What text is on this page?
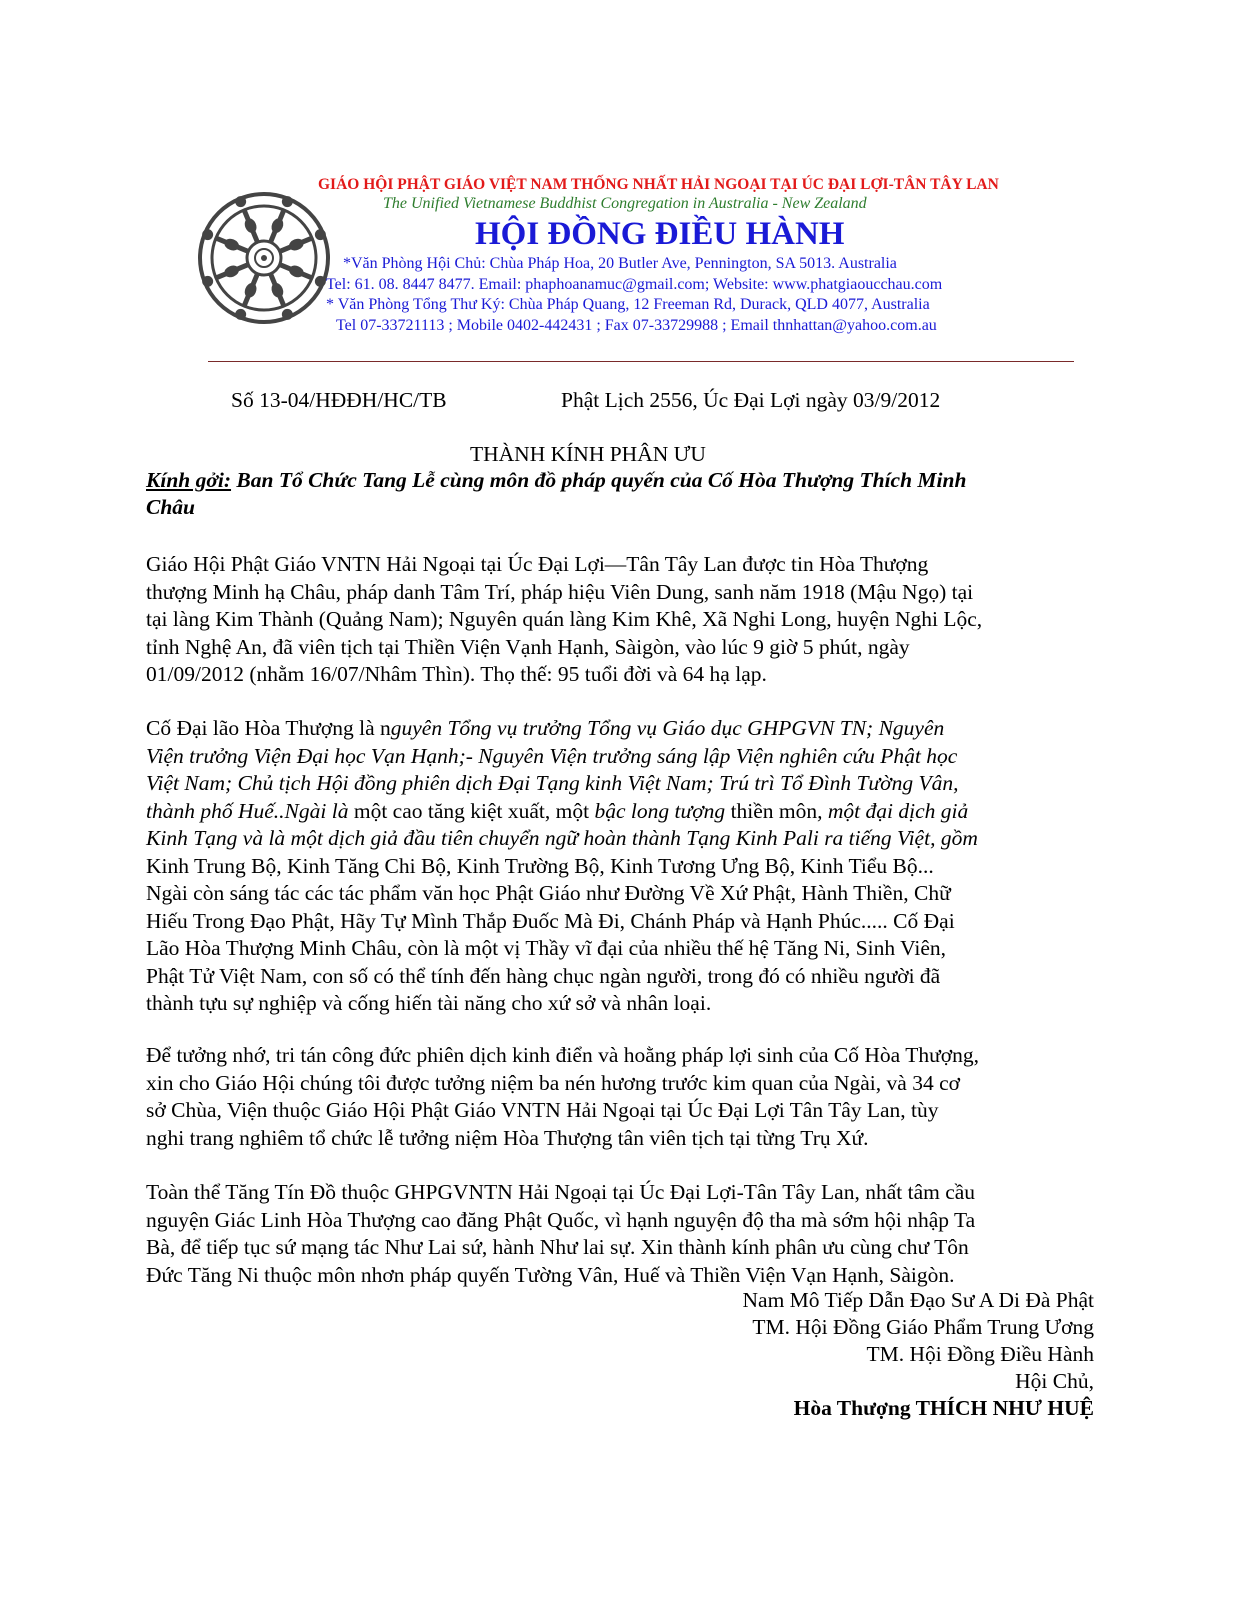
GIÁO HỘI PHẬT GIÁO VIỆT NAM THỐNG NHẤT HẢI NGOẠI TẠI ÚC ĐẠI LỢI-TÂN TÂY LAN
The Unified Vietnamese Buddhist Congregation in Australia - New Zealand
HỘI ĐỒNG ĐIỀU HÀNH
*Văn Phòng Hội Chủ: Chùa Pháp Hoa, 20 Butler Ave, Pennington, SA 5013. Australia
Tel: 61. 08. 8447 8477. Email: phaphoanamuc@gmail.com; Website: www.phatgiaoucchau.com
* Văn Phòng Tổng Thư Ký: Chùa Pháp Quang, 12 Freeman Rd, Durack, QLD 4077, Australia
Tel 07-33721113 ; Mobile 0402-442431 ; Fax 07-33729988 ; Email thnhattan@yahoo.com.au
Số 13-04/HĐĐH/HC/TB	Phật Lịch 2556, Úc Đại Lợi ngày 03/9/2012
THÀNH KÍNH PHÂN ƯU
Kính gởi: Ban Tổ Chức Tang Lễ cùng môn đồ pháp quyến của Cố Hòa Thượng Thích Minh
Châu

Giáo Hội Phật Giáo VNTN Hải Ngoại tại Úc Đại Lợi—Tân Tây Lan được tin Hòa Thượng

thượng Minh hạ Châu, pháp danh Tâm Trí, pháp hiệu Viên Dung, sanh năm 1918 (Mậu Ngọ) tại

tại làng Kim Thành (Quảng Nam); Nguyên quán làng Kim Khê, Xã Nghi Long, huyện Nghi Lộc,

tỉnh Nghệ An, đã viên tịch tại Thiền Viện Vạnh Hạnh, Sàigòn, vào lúc 9 giờ 5 phút, ngày

01/09/2012 (nhằm 16/07/Nhâm Thìn). Thọ thế: 95 tuổi đời và 64 hạ lạp.

Cố Đại lão Hòa Thượng là nguyên Tổng vụ trưởng Tổng vụ Giáo dục GHPGVN TN; Nguyên

Viện trưởng Viện Đại học Vạn Hạnh;- Nguyên Viện trưởng sáng lập Viện nghiên cứu Phật học

Việt Nam; Chủ tịch Hội đồng phiên dịch Đại Tạng kinh Việt Nam; Trú trì Tổ Đình Tường Vân,

thành phố Huế..Ngài là một cao tăng kiệt xuất, một bậc long tượng thiền môn, một đại dịch giả

Kinh Tạng và là một dịch giả đầu tiên chuyển ngữ hoàn thành Tạng Kinh Pali ra tiếng Việt, gồm

Kinh Trung Bộ, Kinh Tăng Chi Bộ, Kinh Trường Bộ, Kinh Tương Ưng Bộ, Kinh Tiểu Bộ...

Ngài còn sáng tác các tác phẩm văn học Phật Giáo như Đường Về Xứ Phật, Hành Thiền, Chữ

Hiếu Trong Đạo Phật, Hãy Tự Mình Thắp Đuốc Mà Đi, Chánh Pháp và Hạnh Phúc..... Cố Đại

Lão Hòa Thượng Minh Châu, còn là một vị Thầy vĩ đại của nhiều thế hệ Tăng Ni, Sinh Viên,

Phật Tử Việt Nam, con số có thể tính đến hàng chục ngàn người, trong đó có nhiều người đã

thành tựu sự nghiệp và cống hiến tài năng cho xứ sở và nhân loại.

Để tưởng nhớ, tri tán công đức phiên dịch kinh điển và hoằng pháp lợi sinh của Cố Hòa Thượng,

xin cho Giáo Hội chúng tôi được tưởng niệm ba nén hương trước kim quan của Ngài, và 34 cơ

sở Chùa, Viện thuộc Giáo Hội Phật Giáo VNTN Hải Ngoại tại Úc Đại Lợi Tân Tây Lan, tùy

nghi trang nghiêm tổ chức lễ tưởng niệm Hòa Thượng tân viên tịch tại từng Trụ Xứ.

Toàn thể Tăng Tín Đồ thuộc GHPGVNTN Hải Ngoại tại Úc Đại Lợi-Tân Tây Lan, nhất tâm cầu

nguyện Giác Linh Hòa Thượng cao đăng Phật Quốc, vì hạnh nguyện độ tha mà sớm hội nhập Ta

Bà, để tiếp tục sứ mạng tác Như Lai sứ, hành Như lai sự. Xin thành kính phân ưu cùng chư Tôn

Đức Tăng Ni thuộc môn nhơn pháp quyến Tường Vân, Huế và Thiền Viện Vạn Hạnh, Sàigòn.

Nam Mô Tiếp Dẫn Đạo Sư A Di Đà Phật
TM. Hội Đồng Giáo Phẩm Trung Ương
TM. Hội Đồng Điều Hành
Hội Chủ,
Hòa Thượng THÍCH NHƯ HUỆ
